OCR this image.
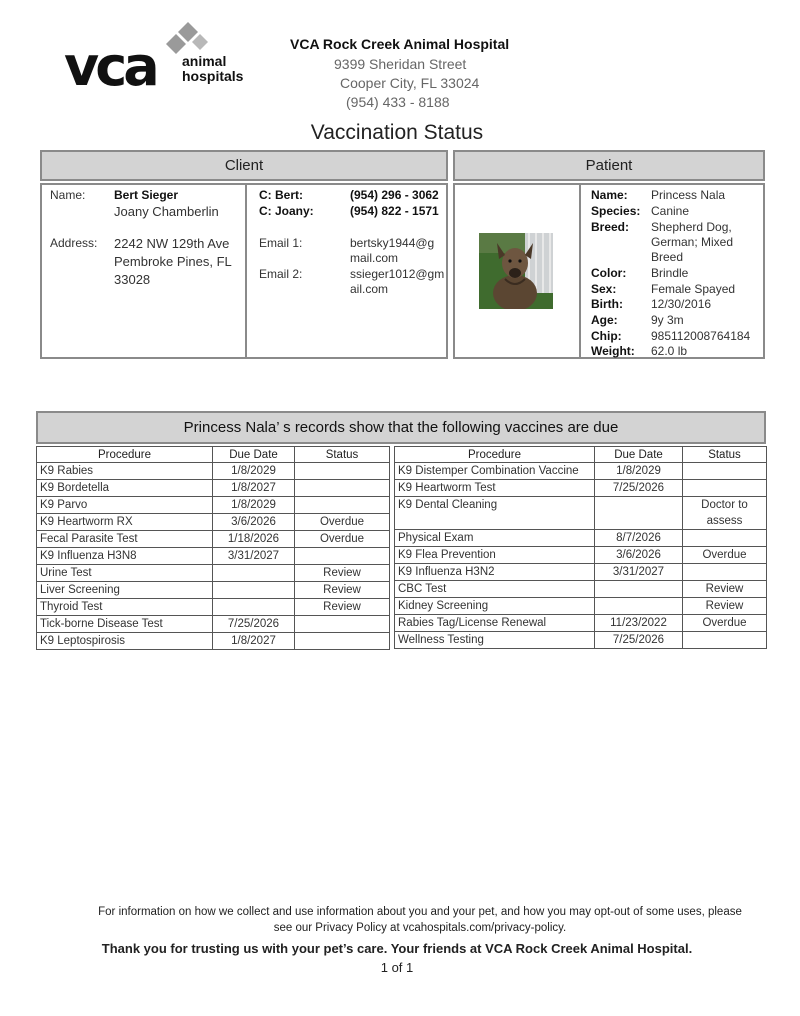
vca animal
hospitals
VCA Rock Creek Animal Hospital
9399 Sheridan Street
Cooper City, FL 33024
(954) 433 - 8188
Vaccination Status
Client	Patient
Name: Bert Sieger
Joany Chamberlin
Address: 2242 NW 129th Ave
Pembroke Pines, FL
33028
C: Bert:	(954) 296 - 3062
C: Joany:	(954) 822 - 1571
Email 1:	bertsky1944@g
mail.com
Email 2:	ssieger1012@gm
ail.com
Name: Princess Nala
Species: Canine
Breed: Shepherd Dog,
German; Mixed
Breed
Color: Brindle
Sex:	Female Spayed
Birth: 12/30/2016
Age:	9y 3m
Chip: 985112008764184
Weight: 62.0 lb
Princess Nala’ s records show that the following vaccines are due
Procedure	Due Date	Status
K9 Rabies	1/8/2029	
K9 Bordetella	1/8/2027	
K9 Parvo	1/8/2029	
K9 Heartworm RX	3/6/2026	Overdue
Fecal Parasite Test	1/18/2026	Overdue
K9 Influenza H3N8	3/31/2027	
Urine Test		Review
Liver Screening		Review
Thyroid Test		Review
Tick-borne Disease Test	7/25/2026	
K9 Leptospirosis	1/8/2027	
Procedure	Due Date	Status
K9 Distemper Combination Vaccine	1/8/2029	
K9 Heartworm Test	7/25/2026	
K9 Dental Cleaning		Doctor to assess
Physical Exam	8/7/2026	
K9 Flea Prevention	3/6/2026	Overdue
K9 Influenza H3N2	3/31/2027	
CBC Test		Review
Kidney Screening		Review
Rabies Tag/License Renewal	11/23/2022	Overdue
Wellness Testing	7/25/2026	
For information on how we collect and use information about you and your pet, and how you may opt-out of some uses, please
see our Privacy Policy at vcahospitals.com/privacy-policy.
Thank you for trusting us with your pet’s care. Your friends at VCA Rock Creek Animal Hospital.
1 of 1
